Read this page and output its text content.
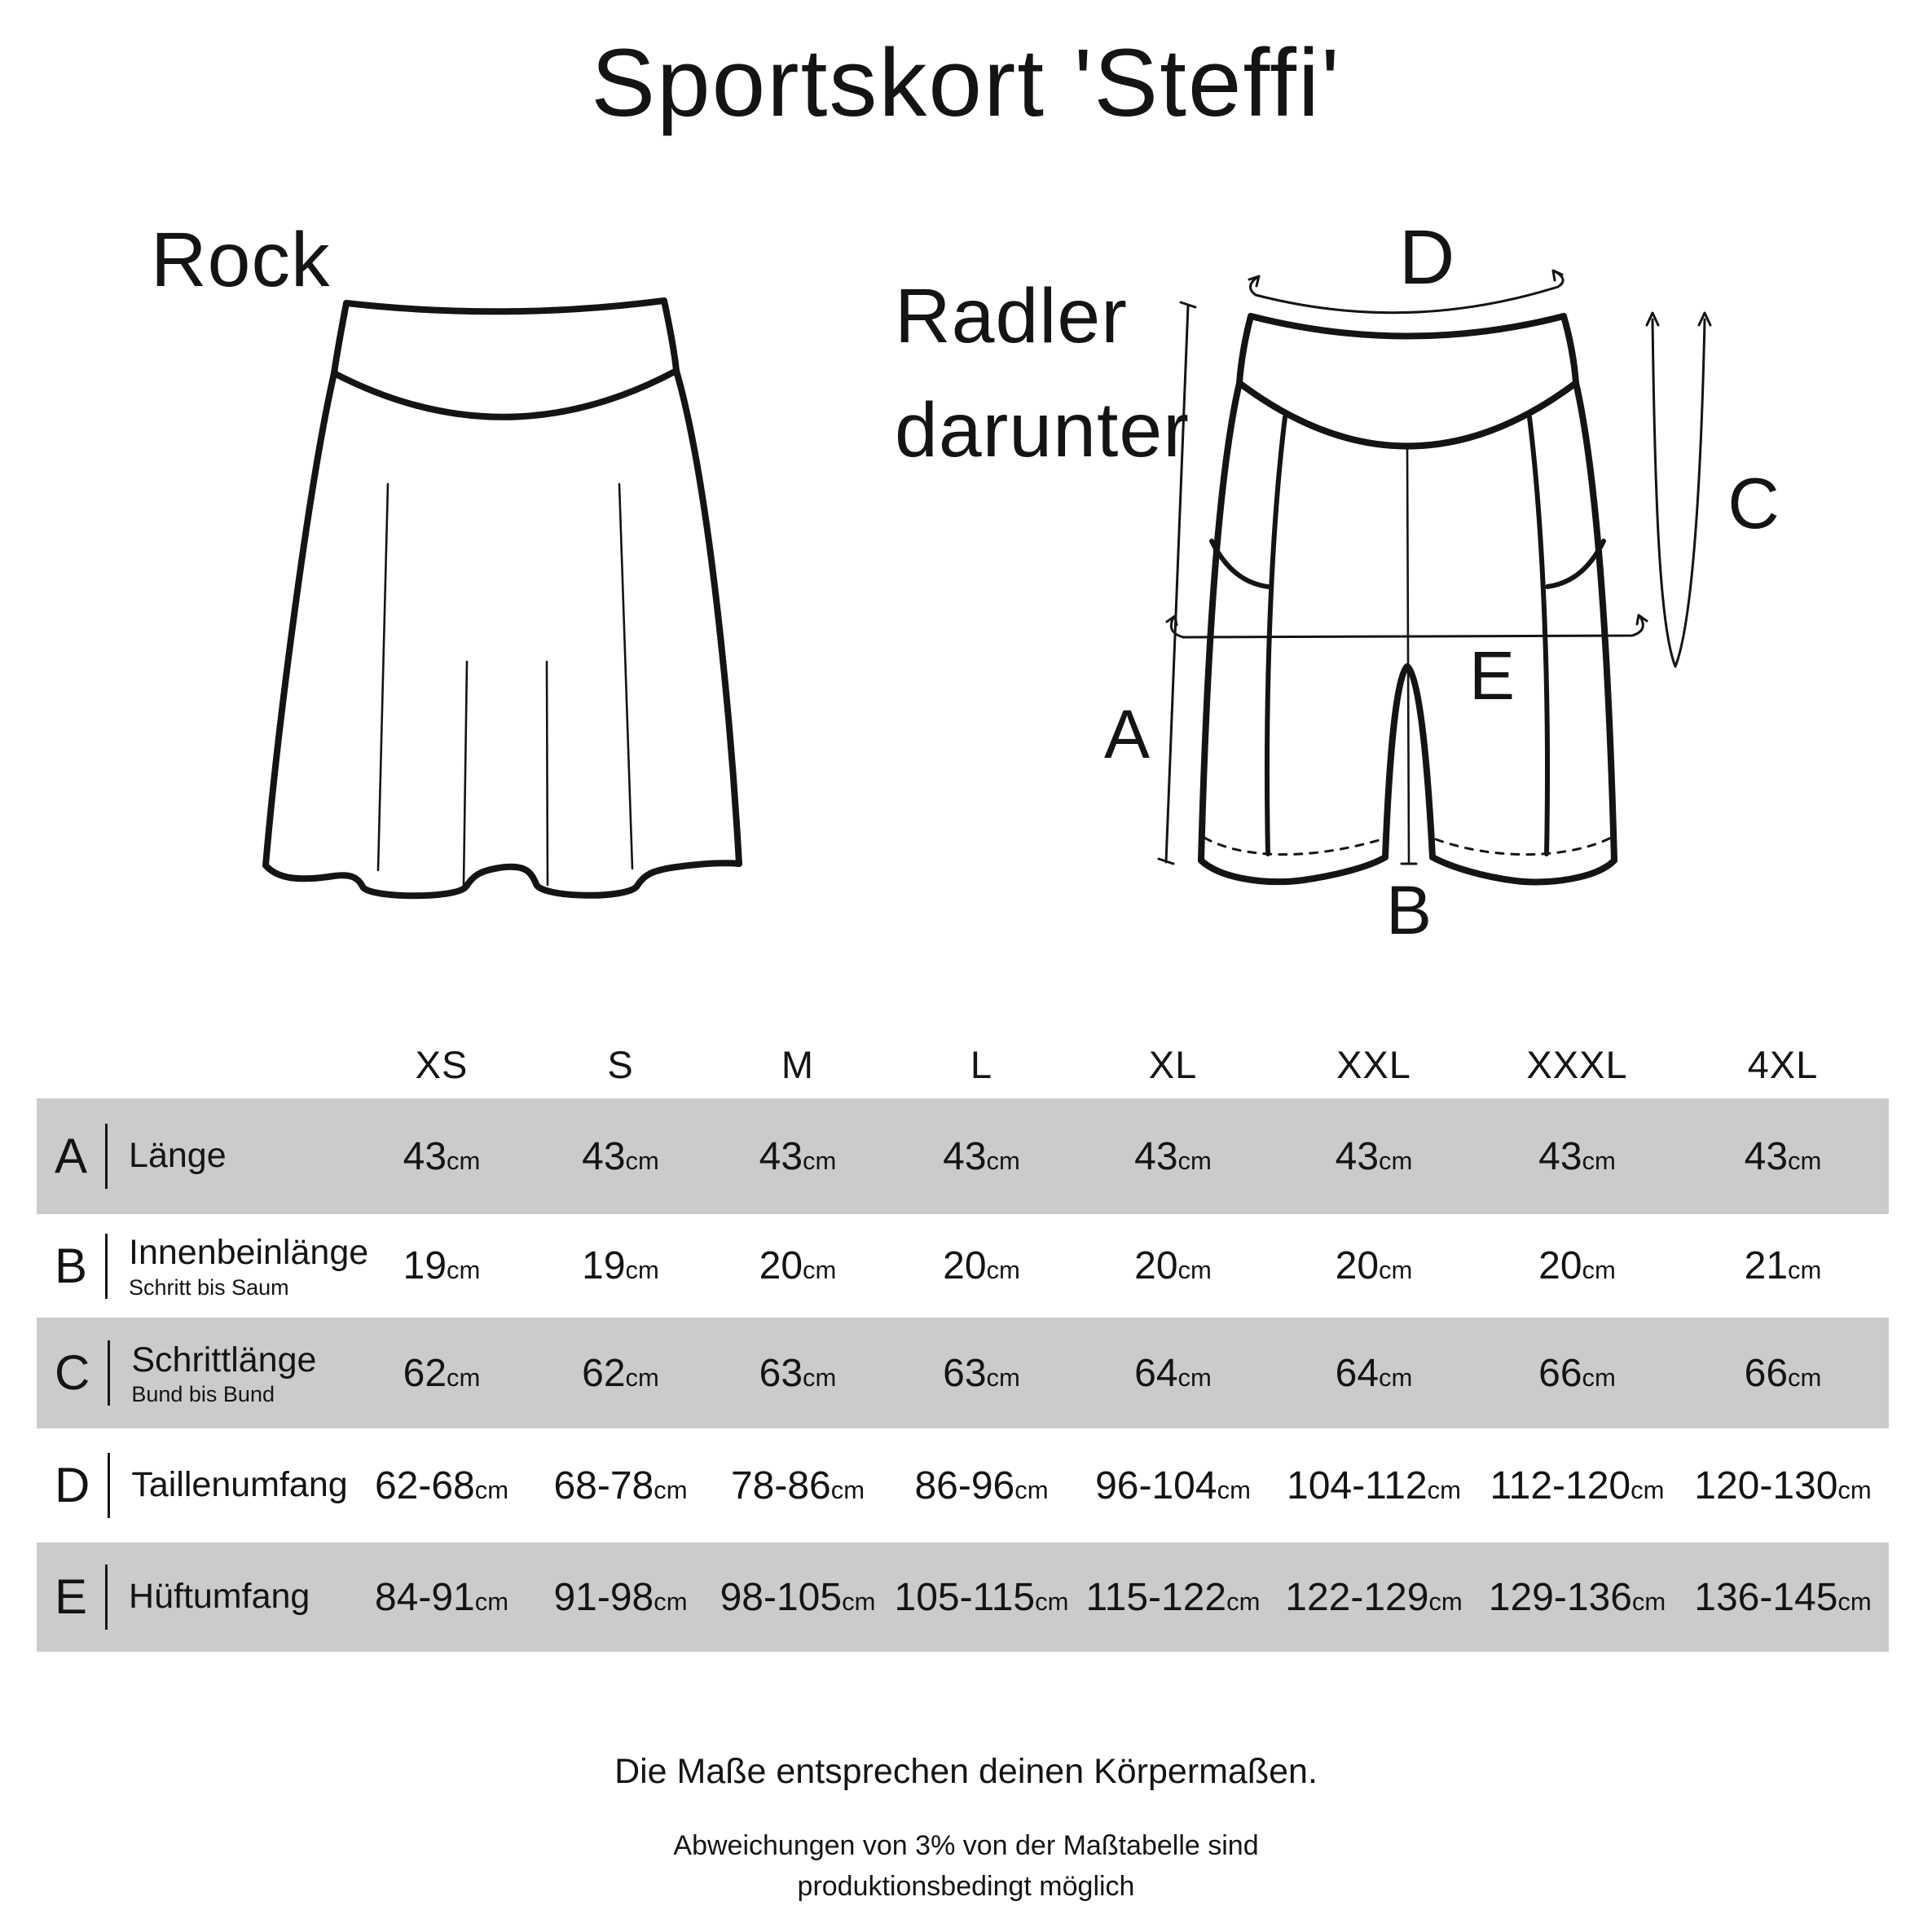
Sportskort 'Steffi'
Rock
Radler
darunter
A
B
C
D
E
XS	S	M	L	XL	XXL	XXXL	4XL
A Länge	43cm	43cm	43cm	43cm	43cm	43cm	43cm	43cm
B Innenbeinlänge
Schritt bis Saum	19cm	19cm	20cm	20cm	20cm	20cm	20cm	21cm
C Schrittlänge
Bund bis Bund	62cm	62cm	63cm	63cm	64cm	64cm	66cm	66cm
D Taillenumfang 62-68cm	68-78cm	78-86cm	86-96cm	96-104cm 104-112cm 112-120cm 120-130cm
E Hüftumfang	84-91cm	91-98cm 98-105cm 105-115cm 115-122cm 122-129cm 129-136cm 136-145cm
Die Maße entsprechen deinen Körpermaßen.
Abweichungen von 3% von der Maßtabelle sind
produktionsbedingt möglich
